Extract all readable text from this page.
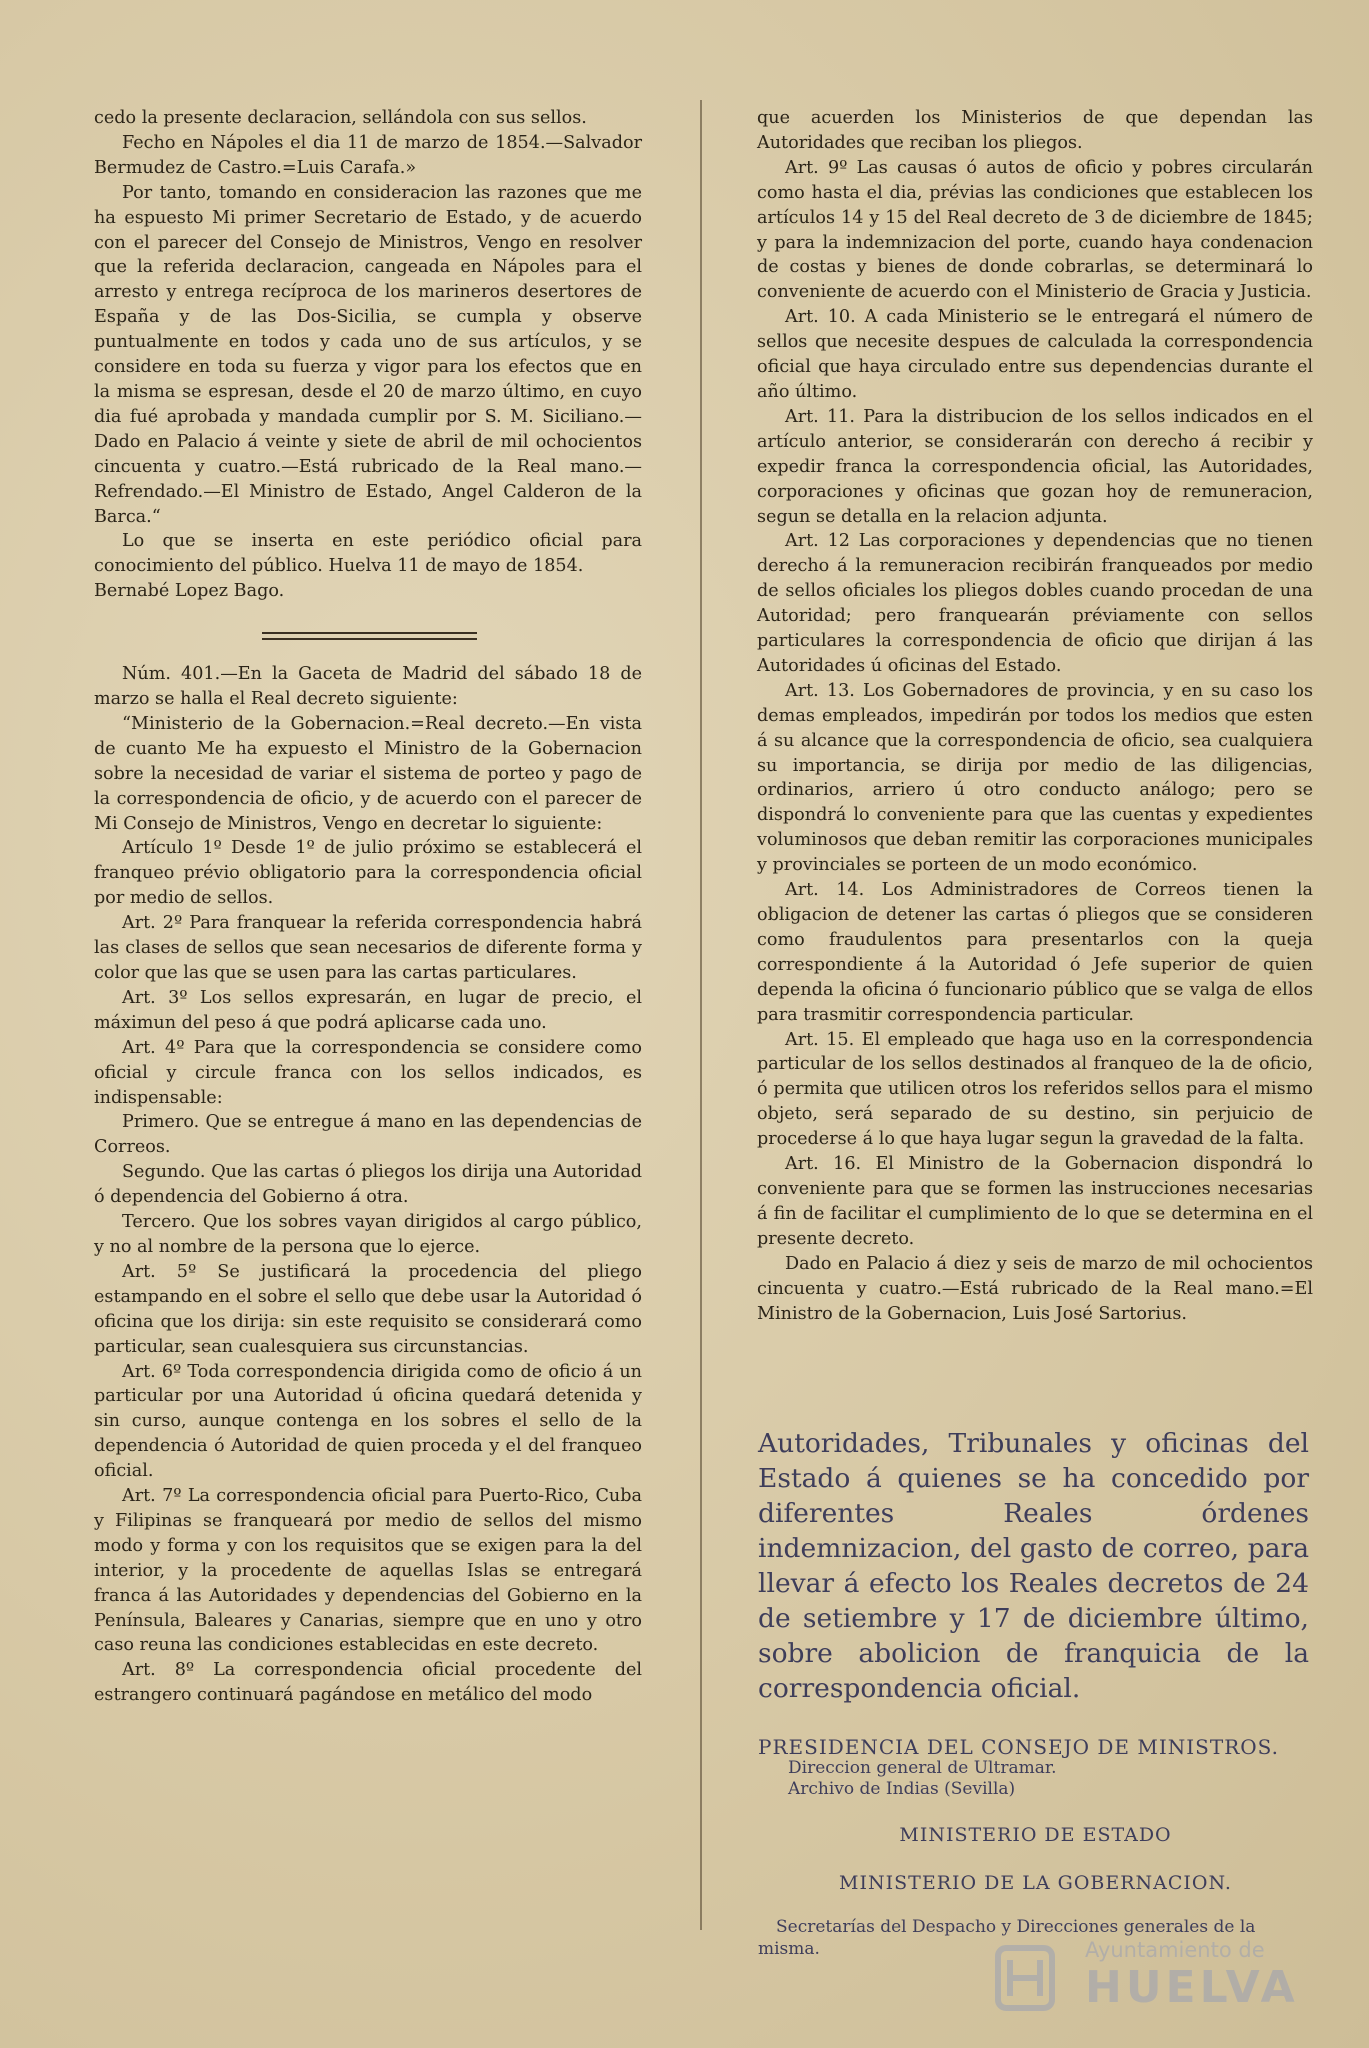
cedo la presente declaracion, sellándola con sus sellos.

Fecho en Nápoles el dia 11 de marzo de 1854.—Salvador Bermudez de Castro.=Luis Carafa.»

Por tanto, tomando en consideracion las razones que me ha espuesto Mi primer Secretario de Estado, y de acuerdo con el parecer del Consejo de Ministros, Vengo en resolver que la referida declaracion, cangeada en Nápoles para el arresto y entrega recíproca de los marineros desertores de España y de las Dos-Sicilia, se cumpla y observe puntualmente en todos y cada uno de sus artículos, y se considere en toda su fuerza y vigor para los efectos que en la misma se espresan, desde el 20 de marzo último, en cuyo dia fué aprobada y mandada cumplir por S. M. Siciliano.—Dado en Palacio á veinte y siete de abril de mil ochocientos cincuenta y cuatro.—Está rubricado de la Real mano.—Refrendado.—El Ministro de Estado, Angel Calderon de la Barca.“

Lo que se inserta en este periódico oficial para conocimiento del público. Huelva 11 de mayo de 1854.

Bernabé Lopez Bago.

Núm. 401.—En la Gaceta de Madrid del sábado 18 de marzo se halla el Real decreto siguiente:

“Ministerio de la Gobernacion.=Real decreto.—En vista de cuanto Me ha expuesto el Ministro de la Gobernacion sobre la necesidad de variar el sistema de porteo y pago de la correspondencia de oficio, y de acuerdo con el parecer de Mi Consejo de Ministros, Vengo en decretar lo siguiente:

Artículo 1º Desde 1º de julio próximo se establecerá el franqueo prévio obligatorio para la correspondencia oficial por medio de sellos.

Art. 2º Para franquear la referida correspondencia habrá las clases de sellos que sean necesarios de diferente forma y color que las que se usen para las cartas particulares.

Art. 3º Los sellos expresarán, en lugar de precio, el máximun del peso á que podrá aplicarse cada uno.

Art. 4º Para que la correspondencia se considere como oficial y circule franca con los sellos indicados, es indispensable:

Primero. Que se entregue á mano en las dependencias de Correos.

Segundo. Que las cartas ó pliegos los dirija una Autoridad ó dependencia del Gobierno á otra.

Tercero. Que los sobres vayan dirigidos al cargo público, y no al nombre de la persona que lo ejerce.

Art. 5º Se justificará la procedencia del pliego estampando en el sobre el sello que debe usar la Autoridad ó oficina que los dirija: sin este requisito se considerará como particular, sean cualesquiera sus circunstancias.

Art. 6º Toda correspondencia dirigida como de oficio á un particular por una Autoridad ú oficina quedará detenida y sin curso, aunque contenga en los sobres el sello de la dependencia ó Autoridad de quien proceda y el del franqueo oficial.

Art. 7º La correspondencia oficial para Puerto-Rico, Cuba y Filipinas se franqueará por medio de sellos del mismo modo y forma y con los requisitos que se exigen para la del interior, y la procedente de aquellas Islas se entregará franca á las Autoridades y dependencias del Gobierno en la Península, Baleares y Canarias, siempre que en uno y otro caso reuna las condiciones establecidas en este decreto.

Art. 8º La correspondencia oficial procedente del estrangero continuará pagándose en metálico del modo

que acuerden los Ministerios de que dependan las Autoridades que reciban los pliegos.

Art. 9º Las causas ó autos de oficio y pobres circularán como hasta el dia, prévias las condiciones que establecen los artículos 14 y 15 del Real decreto de 3 de diciembre de 1845; y para la indemnizacion del porte, cuando haya condenacion de costas y bienes de donde cobrarlas, se determinará lo conveniente de acuerdo con el Ministerio de Gracia y Justicia.

Art. 10. A cada Ministerio se le entregará el número de sellos que necesite despues de calculada la correspondencia oficial que haya circulado entre sus dependencias durante el año último.

Art. 11. Para la distribucion de los sellos indicados en el artículo anterior, se considerarán con derecho á recibir y expedir franca la correspondencia oficial, las Autoridades, corporaciones y oficinas que gozan hoy de remuneracion, segun se detalla en la relacion adjunta.

Art. 12 Las corporaciones y dependencias que no tienen derecho á la remuneracion recibirán franqueados por medio de sellos oficiales los pliegos dobles cuando procedan de una Autoridad; pero franquearán préviamente con sellos particulares la correspondencia de oficio que dirijan á las Autoridades ú oficinas del Estado.

Art. 13. Los Gobernadores de provincia, y en su caso los demas empleados, impedirán por todos los medios que esten á su alcance que la correspondencia de oficio, sea cualquiera su importancia, se dirija por medio de las diligencias, ordinarios, arriero ú otro conducto análogo; pero se dispondrá lo conveniente para que las cuentas y expedientes voluminosos que deban remitir las corporaciones municipales y provinciales se porteen de un modo económico.

Art. 14. Los Administradores de Correos tienen la obligacion de detener las cartas ó pliegos que se consideren como fraudulentos para presentarlos con la queja correspondiente á la Autoridad ó Jefe superior de quien dependa la oficina ó funcionario público que se valga de ellos para trasmitir correspondencia particular.

Art. 15. El empleado que haga uso en la correspondencia particular de los sellos destinados al franqueo de la de oficio, ó permita que utilicen otros los referidos sellos para el mismo objeto, será separado de su destino, sin perjuicio de procederse á lo que haya lugar segun la gravedad de la falta.

Art. 16. El Ministro de la Gobernacion dispondrá lo conveniente para que se formen las instrucciones necesarias á fin de facilitar el cumplimiento de lo que se determina en el presente decreto.

Dado en Palacio á diez y seis de marzo de mil ochocientos cincuenta y cuatro.—Está rubricado de la Real mano.=El Ministro de la Gobernacion, Luis José Sartorius.

Autoridades, Tribunales y oficinas del Estado á quienes se ha concedido por diferentes Reales órdenes indemnizacion, del gasto de correo, para llevar á efecto los Reales decretos de 24 de setiembre y 17 de diciembre último, sobre abolicion de franquicia de la correspondencia oficial.

PRESIDENCIA DEL CONSEJO DE MINISTROS.

Direccion general de Ultramar.

Archivo de Indias (Sevilla)

MINISTERIO DE ESTADO

MINISTERIO DE LA GOBERNACION.

Secretarías del Despacho y Direcciones generales de la misma.	Ayuntamiento de
HUELVA
